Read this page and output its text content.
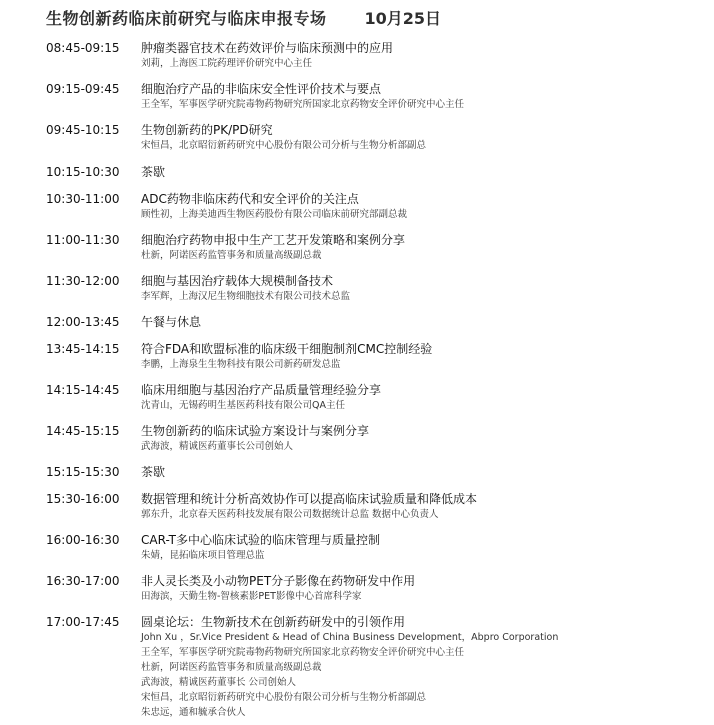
生物创新药临床前研究与临床申报专场 10月25日
08:45-09:15 肿瘤类器官技术在药效评价与临床预测中的应用
刘莉，上海医工院药理评价研究中心主任
09:15-09:45 细胞治疗产品的非临床安全性评价技术与要点
王全军，军事医学研究院毒物药物研究所国家北京药物安全评价研究中心主任
09:45-10:15 生物创新药的PK/PD研究
宋恒昌，北京昭衍新药研究中心股份有限公司分析与生物分析部副总
10:15-10:30 茶歇
10:30-11:00 ADC药物非临床药代和安全评价的关注点
顾性初，上海美迪西生物医药股份有限公司临床前研究部副总裁
11:00-11:30 细胞治疗药物申报中生产工艺开发策略和案例分享
杜新，阿诺医药监管事务和质量高级副总裁
11:30-12:00 细胞与基因治疗载体大规模制备技术
李军辉，上海汉尼生物细胞技术有限公司技术总监
12:00-13:45 午餐与休息
13:45-14:15 符合FDA和欧盟标准的临床级干细胞制剂CMC控制经验
李鹏，上海泉生生物科技有限公司新药研发总监
14:15-14:45 临床用细胞与基因治疗产品质量管理经验分享
沈青山，无锡药明生基医药科技有限公司QA主任
14:45-15:15 生物创新药的临床试验方案设计与案例分享
武海波，精诚医药董事长公司创始人
15:15-15:30 茶歇
15:30-16:00 数据管理和统计分析高效协作可以提高临床试验质量和降低成本
郭东升，北京春天医药科技发展有限公司数据统计总监 数据中心负责人
16:00-16:30 CAR-T多中心临床试验的临床管理与质量控制
朱婧，昆拓临床项目管理总监
16:30-17:00 非人灵长类及小动物PET分子影像在药物研发中作用
田海滨，天勤生物-智核素影PET影像中心首席科学家
17:00-17:45 圆桌论坛：生物新技术在创新药研发中的引领作用
John Xu ，Sr.Vice President & Head of China Business Development，Abpro Corporation
王全军，军事医学研究院毒物药物研究所国家北京药物安全评价研究中心主任
杜新，阿诺医药监管事务和质量高级副总裁
武海波，精诚医药董事长 公司创始人
宋恒昌，北京昭衍新药研究中心股份有限公司分析与生物分析部副总
朱忠远，通和毓承合伙人
